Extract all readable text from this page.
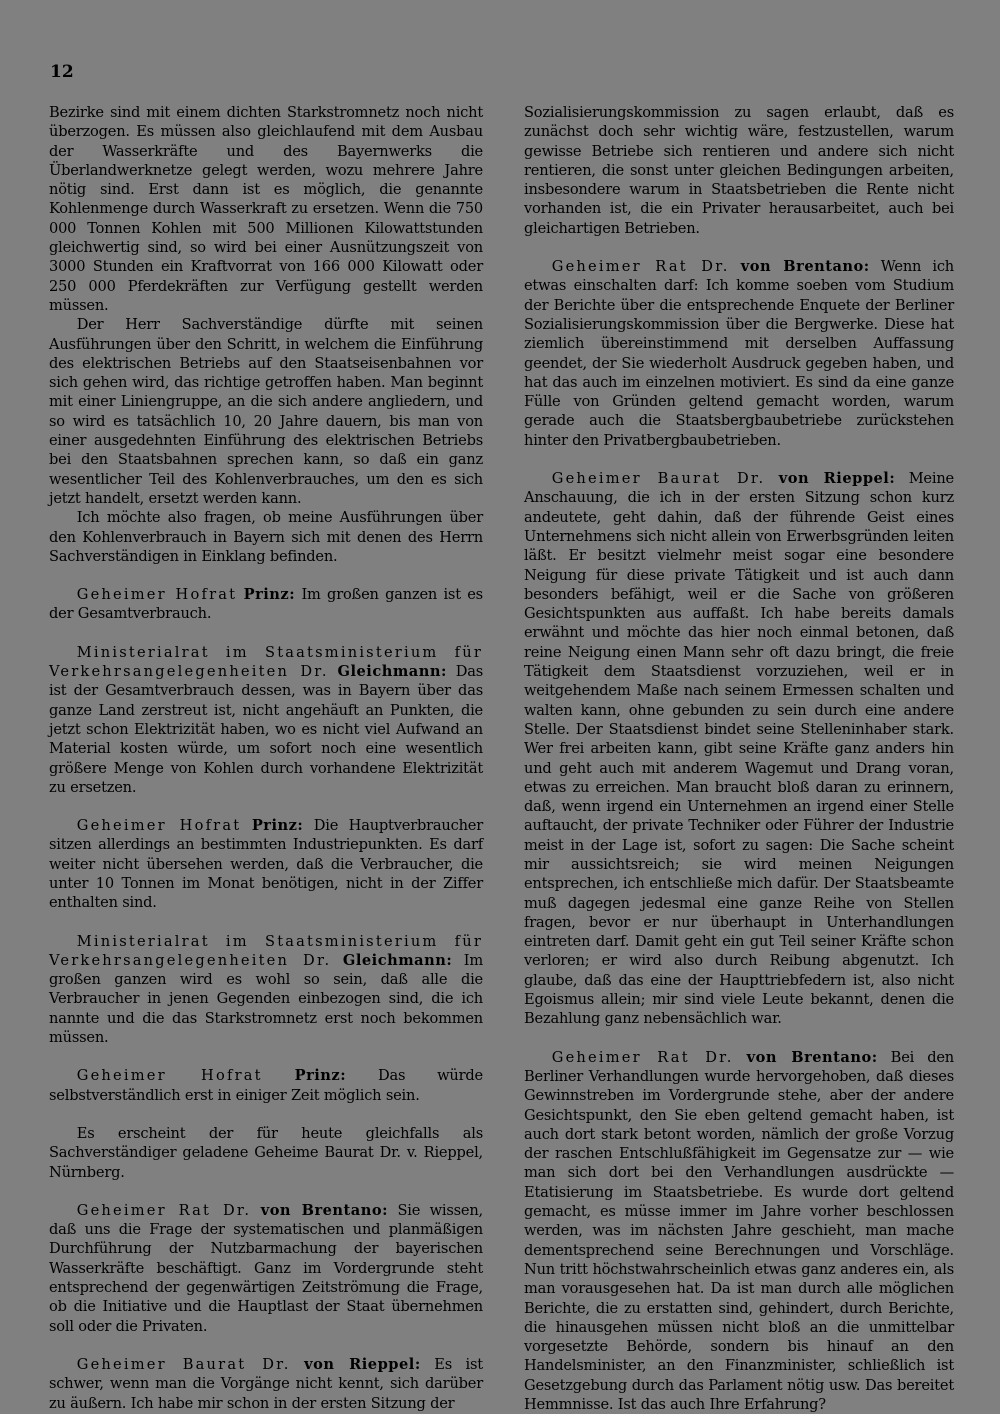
12

Bezirke sind mit einem dichten Starkstromnetz noch nicht überzogen. Es müssen also gleichlaufend mit dem Ausbau der Wasserkräfte und des Bayernwerks die Überlandwerknetze gelegt werden, wozu mehrere Jahre nötig sind. Erst dann ist es möglich, die genannte Kohlenmenge durch Wasserkraft zu ersetzen. Wenn die 750 000 Tonnen Kohlen mit 500 Millionen Kilowattstunden gleichwertig sind, so wird bei einer Ausnützungszeit von 3000 Stunden ein Kraftvorrat von 166 000 Kilowatt oder 250 000 Pferdekräften zur Verfügung gestellt werden müssen.

Der Herr Sachverständige dürfte mit seinen Ausführungen über den Schritt, in welchem die Einführung des elektrischen Betriebs auf den Staatseisenbahnen vor sich gehen wird, das richtige getroffen haben. Man beginnt mit einer Liniengruppe, an die sich andere angliedern, und so wird es tatsächlich 10, 20 Jahre dauern, bis man von einer ausgedehnten Einführung des elektrischen Betriebs bei den Staatsbahnen sprechen kann, so daß ein ganz wesentlicher Teil des Kohlenverbrauches, um den es sich jetzt handelt, ersetzt werden kann.

Ich möchte also fragen, ob meine Ausführungen über den Kohlenverbrauch in Bayern sich mit denen des Herrn Sachverständigen in Einklang befinden.

Geheimer Hofrat Prinz: Im großen ganzen ist es der Gesamtverbrauch.

Ministerialrat im Staatsministerium für Verkehrsangelegenheiten Dr. Gleichmann: Das ist der Gesamtverbrauch dessen, was in Bayern über das ganze Land zerstreut ist, nicht angehäuft an Punkten, die jetzt schon Elektrizität haben, wo es nicht viel Aufwand an Material kosten würde, um sofort noch eine wesentlich größere Menge von Kohlen durch vorhandene Elektrizität zu ersetzen.

Geheimer Hofrat Prinz: Die Hauptverbraucher sitzen allerdings an bestimmten Industriepunkten. Es darf weiter nicht übersehen werden, daß die Verbraucher, die unter 10 Tonnen im Monat benötigen, nicht in der Ziffer enthalten sind.

Ministerialrat im Staatsministerium für Verkehrsangelegenheiten Dr. Gleichmann: Im großen ganzen wird es wohl so sein, daß alle die Verbraucher in jenen Gegenden einbezogen sind, die ich nannte und die das Starkstromnetz erst noch bekommen müssen.

Geheimer Hofrat Prinz: Das würde selbstverständlich erst in einiger Zeit möglich sein.

Es erscheint der für heute gleichfalls als Sachverständiger geladene Geheime Baurat Dr. v. Rieppel, Nürnberg.

Geheimer Rat Dr. von Brentano: Sie wissen, daß uns die Frage der systematischen und planmäßigen Durchführung der Nutzbarmachung der bayerischen Wasserkräfte beschäftigt. Ganz im Vordergrunde steht entsprechend der gegenwärtigen Zeitströmung die Frage, ob die Initiative und die Hauptlast der Staat übernehmen soll oder die Privaten.

Geheimer Baurat Dr. von Rieppel: Es ist schwer, wenn man die Vorgänge nicht kennt, sich darüber zu äußern. Ich habe mir schon in der ersten Sitzung der

Sozialisierungskommission zu sagen erlaubt, daß es zunächst doch sehr wichtig wäre, festzustellen, warum gewisse Betriebe sich rentieren und andere sich nicht rentieren, die sonst unter gleichen Bedingungen arbeiten, insbesondere warum in Staatsbetrieben die Rente nicht vorhanden ist, die ein Privater herausarbeitet, auch bei gleichartigen Betrieben.

Geheimer Rat Dr. von Brentano: Wenn ich etwas einschalten darf: Ich komme soeben vom Studium der Berichte über die entsprechende Enquete der Berliner Sozialisierungskommission über die Bergwerke. Diese hat ziemlich übereinstimmend mit derselben Auffassung geendet, der Sie wiederholt Ausdruck gegeben haben, und hat das auch im einzelnen motiviert. Es sind da eine ganze Fülle von Gründen geltend gemacht worden, warum gerade auch die Staatsbergbaubetriebe zurückstehen hinter den Privatbergbaubetrieben.

Geheimer Baurat Dr. von Rieppel: Meine Anschauung, die ich in der ersten Sitzung schon kurz andeutete, geht dahin, daß der führende Geist eines Unternehmens sich nicht allein von Erwerbsgründen leiten läßt. Er besitzt vielmehr meist sogar eine besondere Neigung für diese private Tätigkeit und ist auch dann besonders befähigt, weil er die Sache von größeren Gesichtspunkten aus auffaßt. Ich habe bereits damals erwähnt und möchte das hier noch einmal betonen, daß reine Neigung einen Mann sehr oft dazu bringt, die freie Tätigkeit dem Staatsdienst vorzuziehen, weil er in weitgehendem Maße nach seinem Ermessen schalten und walten kann, ohne gebunden zu sein durch eine andere Stelle. Der Staatsdienst bindet seine Stelleninhaber stark. Wer frei arbeiten kann, gibt seine Kräfte ganz anders hin und geht auch mit anderem Wagemut und Drang voran, etwas zu erreichen. Man braucht bloß daran zu erinnern, daß, wenn irgend ein Unternehmen an irgend einer Stelle auftaucht, der private Techniker oder Führer der Industrie meist in der Lage ist, sofort zu sagen: Die Sache scheint mir aussichtsreich; sie wird meinen Neigungen entsprechen, ich entschließe mich dafür. Der Staatsbeamte muß dagegen jedesmal eine ganze Reihe von Stellen fragen, bevor er nur überhaupt in Unterhandlungen eintreten darf. Damit geht ein gut Teil seiner Kräfte schon verloren; er wird also durch Reibung abgenutzt. Ich glaube, daß das eine der Haupttriebfedern ist, also nicht Egoismus allein; mir sind viele Leute bekannt, denen die Bezahlung ganz nebensächlich war.

Geheimer Rat Dr. von Brentano: Bei den Berliner Verhandlungen wurde hervorgehoben, daß dieses Gewinnstreben im Vordergrunde stehe, aber der andere Gesichtspunkt, den Sie eben geltend gemacht haben, ist auch dort stark betont worden, nämlich der große Vorzug der raschen Entschlußfähigkeit im Gegensatze zur — wie man sich dort bei den Verhandlungen ausdrückte — Etatisierung im Staatsbetriebe. Es wurde dort geltend gemacht, es müsse immer im Jahre vorher beschlossen werden, was im nächsten Jahre geschieht, man mache dementsprechend seine Berechnungen und Vorschläge. Nun tritt höchstwahrscheinlich etwas ganz anderes ein, als man vorausgesehen hat. Da ist man durch alle möglichen Berichte, die zu erstatten sind, gehindert, durch Berichte, die hinausgehen müssen nicht bloß an die unmittelbar vorgesetzte Behörde, sondern bis hinauf an den Handelsminister, an den Finanzminister, schließlich ist Gesetzgebung durch das Parlament nötig usw. Das bereitet Hemmnisse. Ist das auch Ihre Erfahrung?
